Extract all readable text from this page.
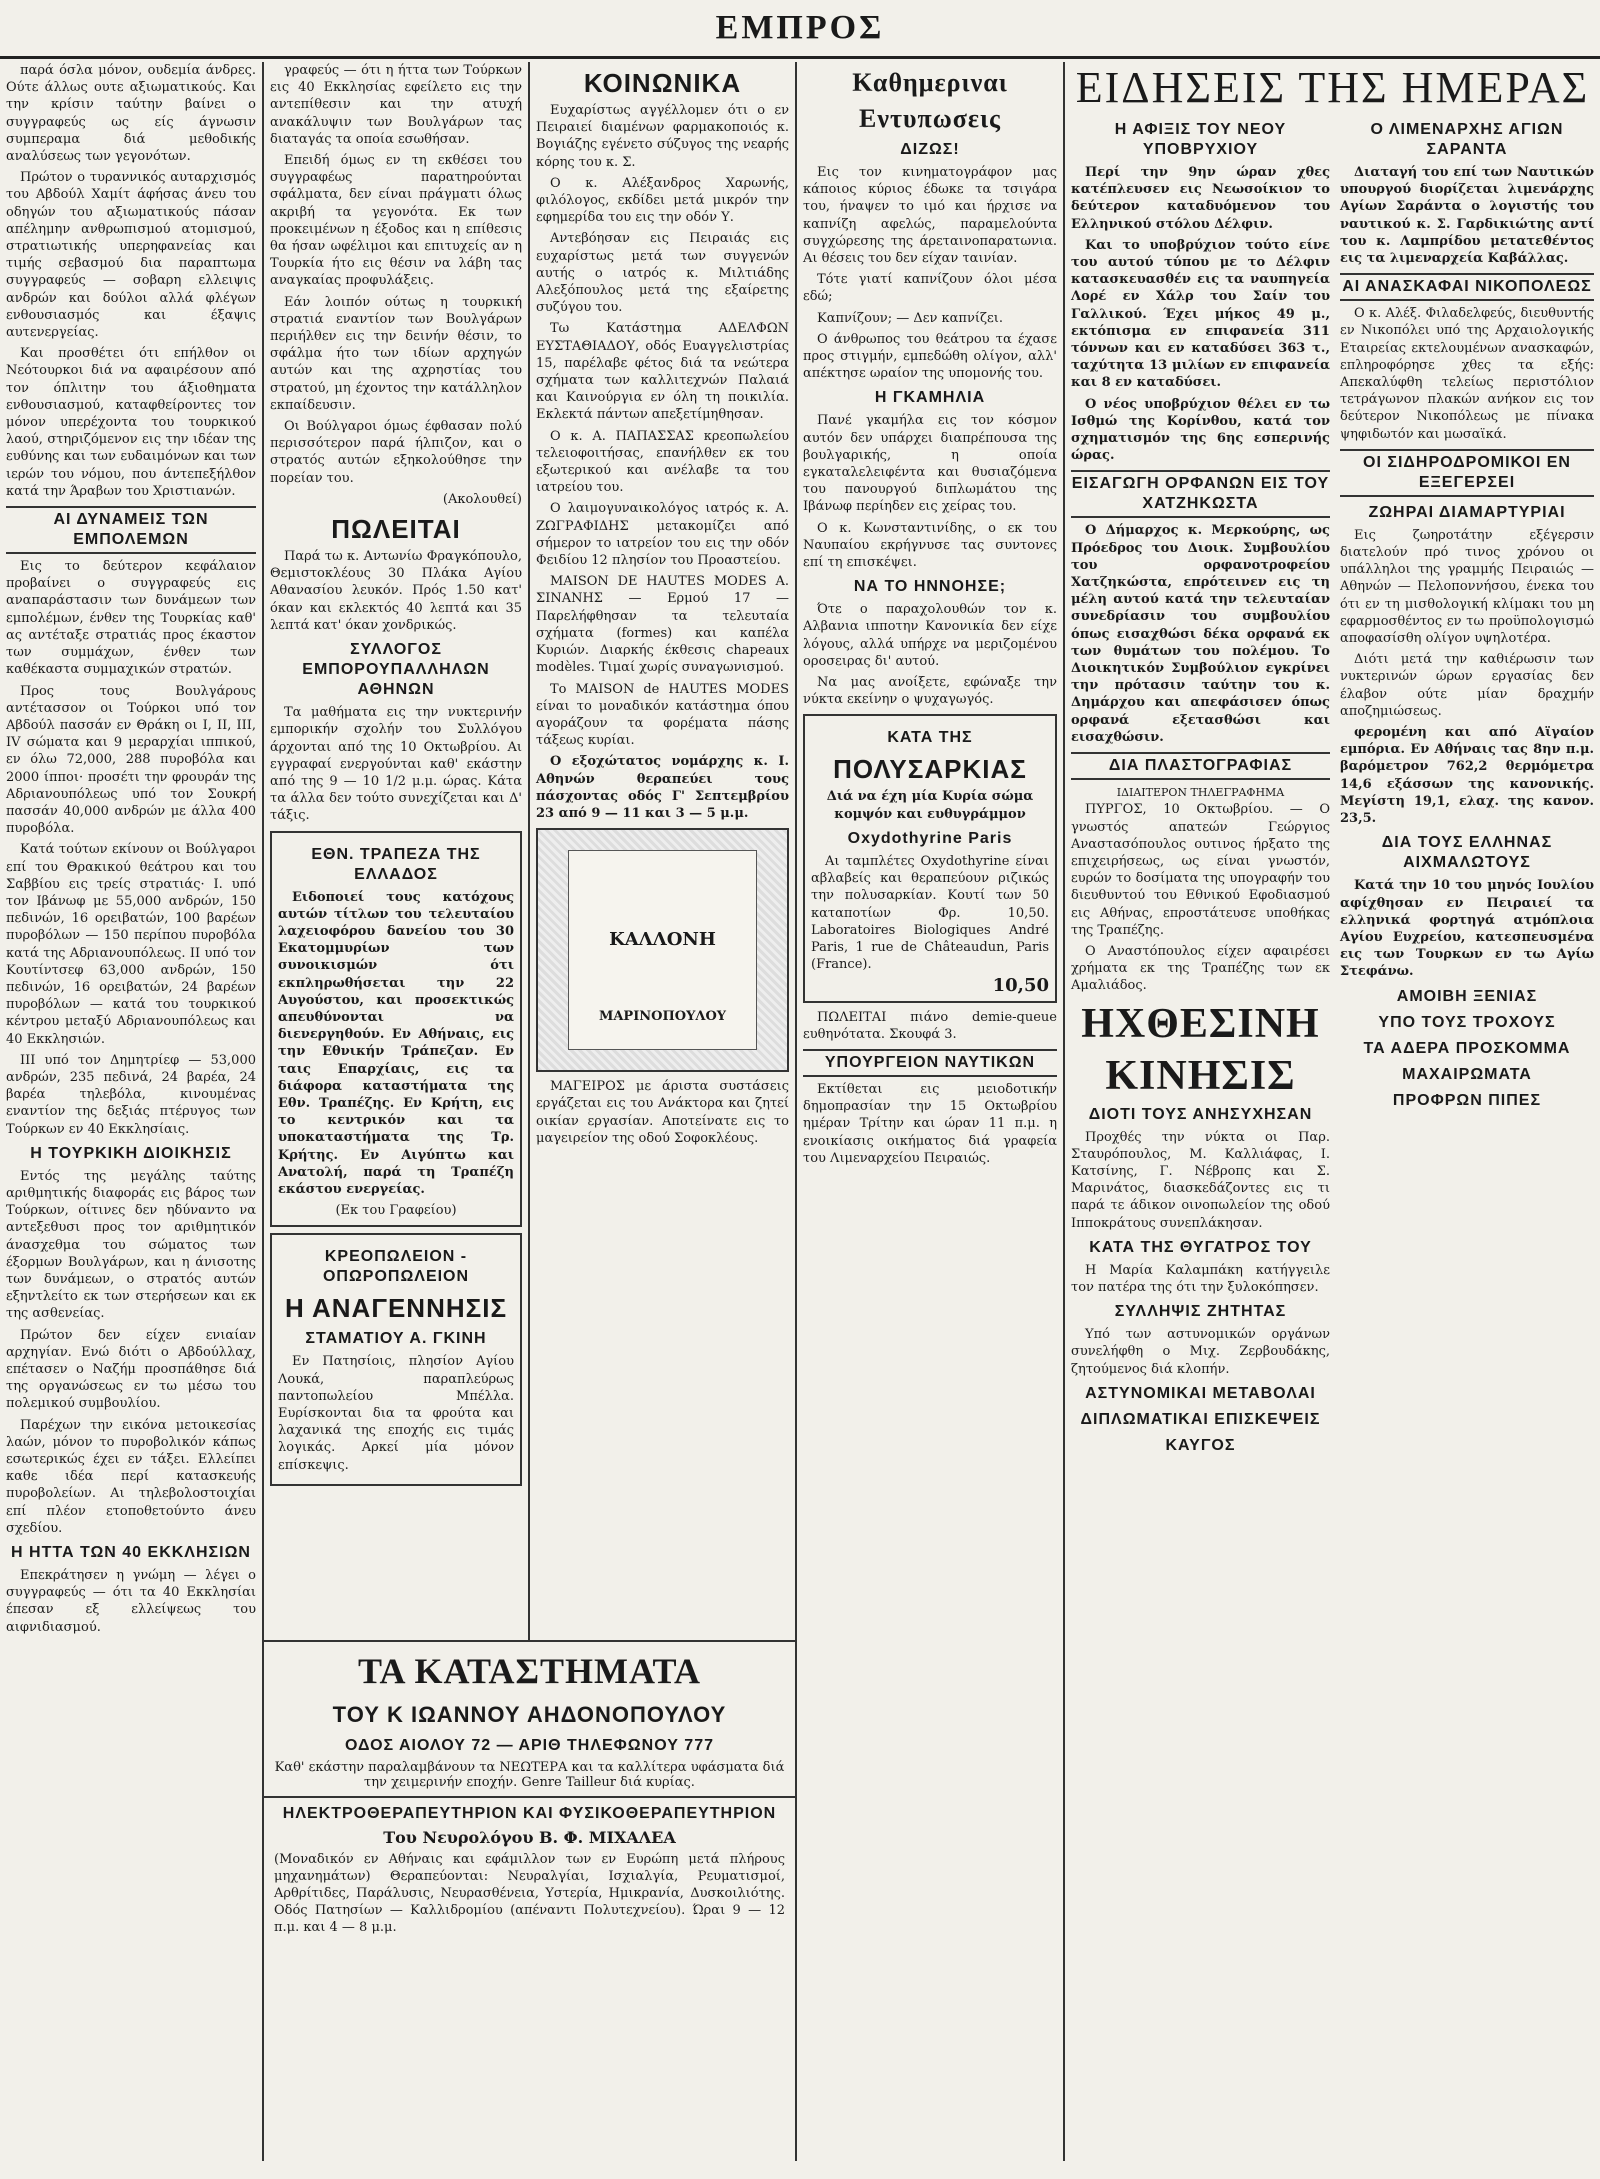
ΕΜΠΡΟΣ

παρά όσλα μόνον, ουδεμία άνδρες. Ούτε άλλως ουτε αξιωματικούς. Και την κρίσιν ταύτην βαίνει ο συγγραφεύς ως είς άγνωσιν συμπεραμα διά μεθοδικής αναλύσεως των γεγονότων.

Πρώτον ο τυραννικός αυταρχισμός του Αβδούλ Χαμίτ άφήσας άνευ του οδηγών του αξιωματικούς πάσαν απέλημην ανθρωπισμού ατομισμού, στρατιωτικής υπερηφανείας και τιμής σεβασμού δια παραπτωμα συγγραφεύς — σοβαρη ελλειψις ανδρών και δούλοι αλλά φλέγων ενθουσιασμός και έξαψις αυτενεργείας.

Και προσθέτει ότι επήλθον οι Νεότουρκοι διά να αφαιρέσουν από τον όπλιτην του άξιοθηματα ενθουσιασμού, καταφθείροντες τον μόνον υπερέχοντα του τουρκικού λαού, στηριζόμενον εις την ιδέαν της ευθύνης και των ευδαιμόνων και των ιερών του νόμου, που άντεπεξήλθον κατά την Άραβων του Χριστιανών.

ΑΙ ΔΥΝΑΜΕΙΣ ΤΩΝ ΕΜΠΟΛΕΜΩΝ

Εις το δεύτερον κεφάλαιον προβαίνει ο συγγραφεύς εις αναπαράστασιν των δυνάμεων των εμπολέμων, ένθεν της Τουρκίας καθ' ας αντέταξε στρατιάς προς έκαστον των συμμάχων, ένθεν των καθέκαστα συμμαχικών στρατών.

Προς τους Βουλγάρους αντέτασσον οι Τούρκοι υπό τον Αβδούλ πασσάν εν Θράκη οι Ι, ΙΙ, ΙΙΙ, IV σώματα και 9 μεραρχίαι ιππικού, εν όλω 72,000, 288 πυροβόλα και 2000 ίπποι· προσέτι την φρουράν της Αδριανουπόλεως υπό τον Σουκρή πασσάν 40,000 ανδρών με άλλα 400 πυροβόλα.

Κατά τούτων εκίνουν οι Βούλγαροι επί του Θρακικού θεάτρου και του Σαββίου εις τρείς στρατιάς· Ι. υπό τον Ιβάνωφ με 55,000 ανδρών, 150 πεδινών, 16 ορειβατών, 100 βαρέων πυροβόλων — 150 περίπου πυροβόλα κατά της Αδριανουπόλεως. ΙΙ υπό τον Κουτίντσεφ 63,000 ανδρών, 150 πεδινών, 16 ορειβατών, 24 βαρέων πυροβόλων — κατά του τουρκικού κέντρου μεταξύ Αδριανουπόλεως και 40 Εκκλησιών.

ΙΙΙ υπό τον Δημητρίεφ — 53,000 ανδρών, 235 πεδινά, 24 βαρέα, 24 βαρέα τηλεβόλα, κινουμένας εναντίον της δεξιάς πτέρυγος των Τούρκων εν 40 Εκκλησίαις.

Η ΤΟΥΡΚΙΚΗ ΔΙΟΙΚΗΣΙΣ

Εντός της μεγάλης ταύτης αριθμητικής διαφοράς εις βάρος των Τούρκων, οίτινες δεν ηδύναντο να αντεξεθυσι προς τον αριθμητικόν άνασχεθμα του σώματος των έξορμων Βουλγάρων, και η άνισοτης των δυνάμεων, ο στρατός αυτών εξηντλείτο εκ των στερήσεων και εκ της ασθενείας.

Πρώτον δεν είχεν ενιαίαν αρχηγίαν. Ενώ διότι ο Αβδούλλαχ, επέτασεν ο Ναζήμ προσπάθησε διά της οργανώσεως εν τω μέσω του πολεμικού συμβουλίου.

Παρέχων την εικόνα μετοικεσίας λαών, μόνον το πυροβολικόν κάπως εσωτερικώς έχει εν τάξει. Ελλείπει καθε ιδέα περί κατασκευής πυροβολείων. Αι τηλεβολοστοιχίαι επί πλέον ετοποθετούντο άνευ σχεδίου.

Η ΗΤΤΑ ΤΩΝ 40 ΕΚΚΛΗΣΙΩΝ

Επεκράτησεν η γνώμη — λέγει ο συγγραφεύς — ότι τα 40 Εκκλησίαι έπεσαν εξ ελλείψεως του αιφνιδιασμού.

γραφεύς — ότι η ήττα των Τούρκων εις 40 Εκκλησίας εφείλετο εις την αντεπίθεσιν και την ατυχή ανακάλυψιν των Βουλγάρων τας διαταγάς τα οποία εσωθήσαν.

Επειδή όμως εν τη εκθέσει του συγγραφέως παρατηρούνται σφάλματα, δεν είναι πράγματι όλως ακριβή τα γεγονότα. Εκ των προκειμένων η έξοδος και η επίθεσις θα ήσαν ωφέλιμοι και επιτυχείς αν η Τουρκία ήτο εις θέσιν να λάβη τας αναγκαίας προφυλάξεις.

Εάν λοιπόν ούτως η τουρκική στρατιά εναντίον των Βουλγάρων περιήλθεν εις την δεινήν θέσιν, το σφάλμα ήτο των ιδίων αρχηγών αυτών και της αχρηστίας του στρατού, μη έχοντος την κατάλληλον εκπαίδευσιν.

Οι Βούλγαροι όμως έφθασαν πολύ περισσότερον παρά ήλπιζον, και ο στρατός αυτών εξηκολούθησε την πορείαν του.

(Ακολουθεί)
ΠΩΛΕΙΤΑΙ

Παρά τω κ. Αντωνίω Φραγκόπουλο, Θεμιστοκλέους 30 Πλάκα Αγίου Αθανασίου λευκόν. Πρός 1.50 κατ' όκαν και εκλεκτός 40 λεπτά και 35 λεπτά κατ' όκαν χονδρικώς.

ΣΥΛΛΟΓΟΣ ΕΜΠΟΡΟΥΠΑΛΛΗΛΩΝ ΑΘΗΝΩΝ

Τα μαθήματα εις την νυκτερινήν εμπορικήν σχολήν του Συλλόγου άρχονται από της 10 Οκτωβρίου. Αι εγγραφαί ενεργούνται καθ' εκάστην από της 9 — 10 1/2 μ.μ. ώρας. Κάτα τα άλλα δεν τούτο συνεχίζεται και Δ' τάξις.

ΕΘΝ. ΤΡΑΠΕΖΑ ΤΗΣ ΕΛΛΑΔΟΣ

Ειδοποιεί τους κατόχους αυτών τίτλων του τελευταίου λαχειοφόρου δανείου του 30 Εκατομμυρίων των συνοικισμών ότι εκπληρωθήσεται την 22 Αυγούστου, και προσεκτικώς απευθύνονται να διενεργηθούν. Εν Αθήναις, εις την Εθνικήν Τράπεζαν. Εν ταις Επαρχίαις, εις τα διάφορα καταστήματα της Εθν. Τραπέζης. Εν Κρήτη, εις το κεντρικόν και τα υποκαταστήματα της Τρ. Κρήτης. Εν Αιγύπτω και Ανατολή, παρά τη Τραπέζη εκάστου ενεργείας.

(Εκ του Γραφείου)
ΚΡΕΟΠΩΛΕΙΟΝ - ΟΠΩΡΟΠΩΛΕΙΟΝ
Η ΑΝΑΓΕΝΝΗΣΙΣ
ΣΤΑΜΑΤΙΟΥ Α. ΓΚΙΝΗ

Εν Πατησίοις, πλησίον Αγίου Λουκά, παραπλεύρως παντοπωλείου Μπέλλα. Ευρίσκονται δια τα φρούτα και λαχανικά της εποχής εις τιμάς λογικάς. Αρκεί μία μόνον επίσκεψις.

ΚΟΙΝΩΝΙΚΑ

Ευχαρίστως αγγέλλομεν ότι ο εν Πειραιεί διαμένων φαρμακοποιός κ. Βογιάζης εγένετο σύζυγος της νεαρής κόρης του κ. Σ.

Ο κ. Αλέξανδρος Χαρωνής, φιλόλογος, εκδίδει μετά μικρόν την εφημερίδα του εις την οδόν Υ.

Αντεβόησαν εις Πειραιάς εις ευχαρίστως μετά των συγγενών αυτής ο ιατρός κ. Μιλτιάδης Αλεξόπουλος μετά της εξαίρετης συζύγου του.

Τω Κατάστημα ΑΔΕΛΦΩΝ ΕΥΣΤΑΘΙΑΔΟΥ, οδός Ευαγγελιστρίας 15, παρέλαβε φέτος διά τα νεώτερα σχήματα των καλλιτεχνών Παλαιά και Καινούργια εν όλη τη ποικιλία. Εκλεκτά πάντων απεξετίμηθησαν.

Ο κ. Α. ΠΑΠΑΣΣΑΣ κρεοπωλείου τελειοφοιτήσας, επανήλθεν εκ του εξωτερικού και ανέλαβε τα του ιατρείου του.

Ο λαιμογυναικολόγος ιατρός κ. Α. ΖΩΓΡΑΦΙΔΗΣ μετακομίζει από σήμερον το ιατρείον του εις την οδόν Φειδίου 12 πλησίον του Προαστείου.

MAISON DE HAUTES MODES Α. ΣΙΝΑΝΗΣ — Ερμού 17 — Παρελήφθησαν τα τελευταία σχήματα (formes) και καπέλα Κυριών. Διαρκής έκθεσις chapeaux modèles. Τιμαί χωρίς συναγωνισμού.

Το MAISON de HAUTES MODES είναι το μοναδικόν κατάστημα όπου αγοράζουν τα φορέματα πάσης τάξεως κυρίαι.

Ο εξοχώτατος νομάρχης κ. Ι. Αθηνών θεραπεύει τους πάσχοντας οδός Γ' Σεπτεμβρίου 23 από 9 — 11 και 3 — 5 μ.μ.

ΚΑΛΛΟΝΗ
ΜΑΡΙΝΟΠΟΥΛΟΥ

ΜΑΓΕΙΡΟΣ με άριστα συστάσεις εργάζεται εις του Ανάκτορα και ζητεί οικίαν εργασίαν. Αποτείνατε εις το μαγειρείον της οδού Σοφοκλέους.

Καθημεριναι
Εντυπωσεις
ΔΙΖΩΣ!

Εις τον κινηματογράφον μας κάποιος κύριος έδωκε τα τσιγάρα του, ήναψεν το ιμό και ήρχισε να καπνίζη αφελώς, παραμελούντα συγχώρεσης της άρεταινοπαρατωνια. Αι θέσεις του δεν είχαν ταινίαν.

Τότε γιατί καπνίζουν όλοι μέσα εδώ;

Καπνίζουν; — Δεν καπνίζει.

Ο άνθρωπος του θεάτρου τα έχασε προς στιγμήν, εμπεδώθη ολίγον, αλλ' απέκτησε ωραίον της υπομονής του.

Η ΓΚΑΜΗΛΙΑ

Πανέ γκαμήλα εις τον κόσμον αυτόν δεν υπάρχει διαπρέπουσα της βουλγαρικής, η οποία εγκαταλελειφέντα και θυσιαζόμενα του πανουργού διπλωμάτου της Ιβάνωφ περίηδεν εις χείρας του.

Ο κ. Κωνσταντινίδης, ο εκ του Ναυπαίου εκρήγνυσε τας συντονες επί τη επισκέψει.

ΝΑ ΤΟ ΗΝΝΟΗΣΕ;

Ότε ο παραχολουθών τον κ. Αλβανια ιπποτην Κανονικία δεν είχε λόγους, αλλά υπήρχε να μεριζομένου οροσειρας δι' αυτού.

Να μας ανοίξετε, εφώναξε την νύκτα εκείνην ο ψυχαγωγός.

ΚΑΤΑ ΤΗΣ
ΠΟΛΥΣΑΡΚΙΑΣ
Διά να έχη μία Κυρία σώμα κομψόν και ευθυγράμμον
Oxydothyrine Paris

Αι ταμπλέτες Oxydothyrine είναι αβλαβείς και θεραπεύουν ριζικώς την πολυσαρκίαν. Κουτί των 50 καταποτίων Φρ. 10,50. Laboratoires Biologiques André Paris, 1 rue de Châteaudun, Paris (France).

10,50

ΠΩΛΕΙΤΑΙ πιάνο demie-queue ευθηνότατα. Σκουφά 3.

ΥΠΟΥΡΓΕΙΟΝ ΝΑΥΤΙΚΩΝ

Εκτίθεται εις μειοδοτικήν δημοπρασίαν την 15 Οκτωβρίου ημέραν Τρίτην και ώραν 11 π.μ. η ενοικίασις οικήματος διά γραφεία του Λιμεναρχείου Πειραιώς.

ΕΙΔΗΣΕΙΣ ΤΗΣ ΗΜΕΡΑΣ
Η ΑΦΙΞΙΣ ΤΟΥ ΝΕΟΥ ΥΠΟΒΡΥΧΙΟΥ

Περί την 9ην ώραν χθες κατέπλευσεν εις Νεωσοίκιον το δεύτερον καταδυόμενον του Ελληνικού στόλου Δέλφιν.

Και το υποβρύχιον τούτο είνε του αυτού τύπου με το Δέλφιν κατασκευασθέν εις τα ναυπηγεία Λορέ εν Χάλρ του Σαίν του Γαλλικού. Έχει μήκος 49 μ., εκτόπισμα εν επιφανεία 311 τόννων και εν καταδύσει 363 τ., ταχύτητα 13 μιλίων εν επιφανεία και 8 εν καταδύσει.

Ο νέος υποβρύχιον θέλει εν τω Ισθμώ της Κορίνθου, κατά τον σχηματισμόν της 6ης εσπερινής ώρας.

ΕΙΣΑΓΩΓΗ ΟΡΦΑΝΩΝ ΕΙΣ ΤΟΥ ΧΑΤΖΗΚΩΣΤΑ

Ο Δήμαρχος κ. Μερκούρης, ως Πρόεδρος του Διοικ. Συμβουλίου του ορφανοτροφείου Χατζηκώστα, επρότεινεν εις τη μέλη αυτού κατά την τελευταίαν συνεδρίασιν του συμβουλίου όπως εισαχθώσι δέκα ορφανά εκ των θυμάτων του πολέμου. Το Διοικητικόν Συμβούλιον εγκρίνει την πρότασιν ταύτην του κ. Δημάρχου και απεφάσισεν όπως ορφανά εξετασθώσι και εισαχθώσιν.

ΔΙΑ ΠΛΑΣΤΟΓΡΑΦΙΑΣ
ΙΔΙΑΙΤΕΡΟΝ ΤΗΛΕΓΡΑΦΗΜΑ

ΠΥΡΓΟΣ, 10 Οκτωβρίου. — Ο γνωστός απατεών Γεώργιος Αναστασόπουλος ουτινος ήρξατο της επιχειρήσεως, ως είναι γνωστόν, ευρών το δοσίματα της υπογραφήν του διευθυντού του Εθνικού Εφοδιασμού εις Αθήνας, επροστάτευσε υποθήκας της Τραπέζης.

Ο Αναστόπουλος είχεν αφαιρέσει χρήματα εκ της Τραπέζης των εκ Αμαλιάδος.

ΗΧΘΕΣΙΝΗ
ΚΙΝΗΣΙΣ
ΔΙΟΤΙ ΤΟΥΣ ΑΝΗΣΥΧΗΣΑΝ

Προχθές την νύκτα οι Παρ. Σταυρόπουλος, Μ. Καλλιάφας, Ι. Κατσίνης, Γ. Νέβροπς και Σ. Μαρινάτος, διασκεδάζοντες εις τι παρά τε άδικον οινοπωλείον της οδού Ιπποκράτους συνεπλάκησαν.

ΚΑΤΑ ΤΗΣ ΘΥΓΑΤΡΟΣ ΤΟΥ

Η Μαρία Καλαμπάκη κατήγγειλε τον πατέρα της ότι την ξυλοκόπησεν.

ΣΥΛΛΗΨΙΣ ΖΗΤΗΤΑΣ

Υπό των αστυνομικών οργάνων συνελήφθη ο Μιχ. Ζερβουδάκης, ζητούμενος διά κλοπήν.

ΑΣΤΥΝΟΜΙΚΑΙ ΜΕΤΑΒΟΛΑΙ
ΔΙΠΛΩΜΑΤΙΚΑΙ ΕΠΙΣΚΕΨΕΙΣ
ΚΑΥΓΟΣ
Ο ΛΙΜΕΝΑΡΧΗΣ ΑΓΙΩΝ ΣΑΡΑΝΤΑ

Διαταγή του επί των Ναυτικών υπουργού διορίζεται λιμενάρχης Αγίων Σαράντα ο λογιστής του ναυτικού κ. Σ. Γαρδικιώτης αντί του κ. Λαμπρίδου μετατεθέντος εις τα λιμεναρχεία Καβάλλας.

ΑΙ ΑΝΑΣΚΑΦΑΙ ΝΙΚΟΠΟΛΕΩΣ

Ο κ. Αλέξ. Φιλαδελφεύς, διευθυντής εν Νικοπόλει υπό της Αρχαιολογικής Εταιρείας εκτελουμένων ανασκαφών, επληροφόρησε χθες τα εξής: Απεκαλύφθη τελείως περιστόλιον τετράγωνον πλακών ανήκον εις τον δεύτερον Νικοπόλεως με πίνακα ψηφιδωτόν και μωσαϊκά.

ΟΙ ΣΙΔΗΡΟΔΡΟΜΙΚΟΙ ΕΝ ΕΞΕΓΕΡΣΕΙ
ΖΩΗΡΑΙ ΔΙΑΜΑΡΤΥΡΙΑΙ

Εις ζωηροτάτην εξέγερσιν διατελούν πρό τινος χρόνου οι υπάλληλοι της γραμμής Πειραιώς — Αθηνών — Πελοποννήσου, ένεκα του ότι εν τη μισθολογική κλίμακι του μη εφαρμοσθέντος εν τω προϋπολογισμώ αποφασίσθη ολίγον υψηλοτέρα.

Διότι μετά την καθιέρωσιν των νυκτερινών ώρων εργασίας δεν έλαβον ούτε μίαν δραχμήν αποζημιώσεως.

φερομένη και από Αϊγαίον εμπόρια. Εν Αθήναις τας 8ην π.μ. βαρόμετρον 762,2 θερμόμετρα 14,6 εξάσσων της κανονικής. Μεγίστη 19,1, ελαχ. της κανον. 23,5.

ΔΙΑ ΤΟΥΣ ΕΛΛΗΝΑΣ ΑΙΧΜΑΛΩΤΟΥΣ

Κατά την 10 του μηνός Ιουλίου αφίχθησαν εν Πειραιεί τα ελληνικά φορτηγά ατμόπλοια Αγίου Ευχρείου, κατεσπευσμένα εις των Τουρκων εν τω Αγίω Στεφάνω.

ΑΜΟΙΒΗ ΞΕΝΙΑΣ
ΥΠΟ ΤΟΥΣ ΤΡΟΧΟΥΣ
ΤΑ ΑΔΕΡΑ ΠΡΟΣΚΟΜΜΑ
ΜΑΧΑΙΡΩΜΑΤΑ
ΠΡΟΦΡΩΝ ΠΙΠΕΣ
ΤΑ ΚΑΤΑΣΤΗΜΑΤΑ
ΤΟΥ Κ ΙΩΑΝΝΟΥ ΑΗΔΟΝΟΠΟΥΛΟΥ
ΟΔΟΣ ΑΙΟΛΟΥ 72 — ΑΡΙΘ ΤΗΛΕΦΩΝΟΥ 777

Καθ' εκάστην παραλαμβάνουν τα ΝΕΩΤΕΡΑ και τα καλλίτερα υφάσματα διά την χειμερινήν εποχήν. Genre Tailleur διά κυρίας.

ΗΛΕΚΤΡΟΘΕΡΑΠΕΥΤΗΡΙΟΝ ΚΑΙ ΦΥΣΙΚΟΘΕΡΑΠΕΥΤΗΡΙΟΝ
Του Νευρολόγου Β. Φ. ΜΙΧΑΛΕΑ

(Μοναδικόν εν Αθήναις και εφάμιλλον των εν Ευρώπη μετά πλήρους μηχανημάτων) Θεραπεύονται: Νευραλγίαι, Ισχιαλγία, Ρευματισμοί, Αρθρίτιδες, Παράλυσις, Νευρασθένεια, Υστερία, Ημικρανία, Δυσκοιλιότης. Οδός Πατησίων — Καλλιδρομίου (απέναντι Πολυτεχνείου). Ώραι 9 — 12 π.μ. και 4 — 8 μ.μ.
